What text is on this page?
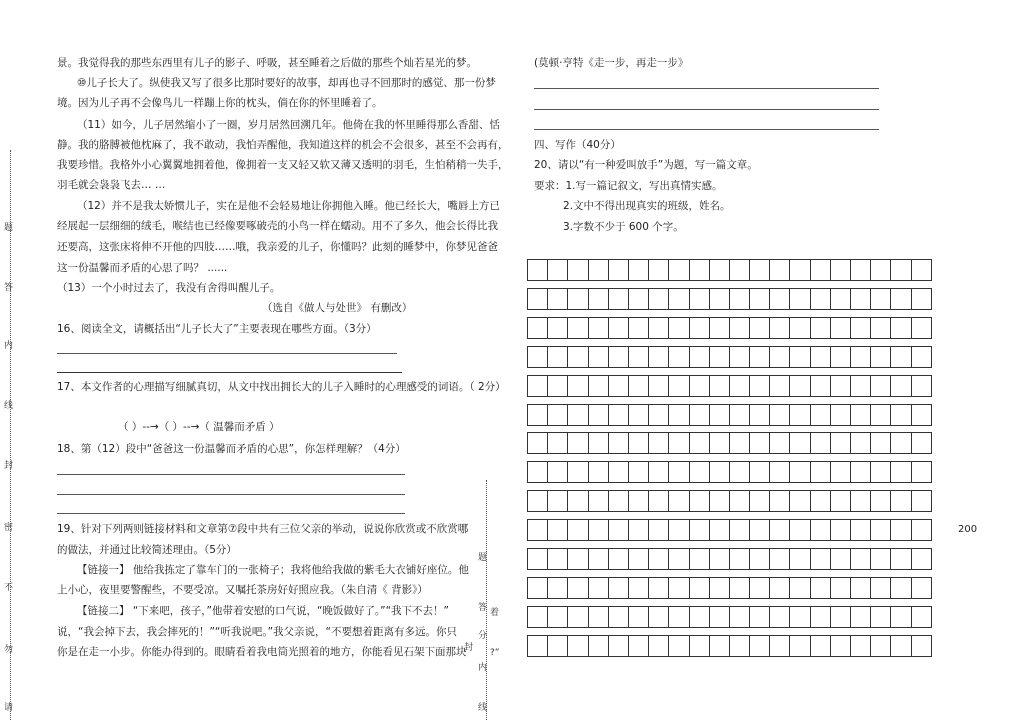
题
答
内
线
封
密
不
勿
请
题
答
内
线
封
分
着
?”
景。我觉得我的那些东西里有儿子的影子、呼吸，甚至睡着之后做的那些个灿若星光的梦。
⑩儿子长大了。纵使我又写了很多比那时要好的故事，却再也寻不回那时的感觉、那一份梦
境。因为儿子再不会像鸟儿一样蹦上你的枕头，倘在你的怀里睡着了。
（11）如今，儿子居然缩小了一圈，岁月居然回溯几年。他倚在我的怀里睡得那么香甜、恬
静。我的胳膊被他枕麻了，我不敢动，我怕弄醒他，我知道这样的机会不会很多，甚至不会再有，
我要珍惜。我格外小心翼翼地拥着他，像拥着一支又轻又软又薄又透明的羽毛，生怕稍稍一失手，
羽毛就会袅袅飞去… …
（12）并不是我太娇惯儿子，实在是他不会轻易地让你拥他入睡。他已经长大，嘴唇上方已
经展起一层细细的绒毛，喉结也已经像要啄破壳的小鸟一样在蠕动。用不了多久，他会长得比我
还要高，这张床将伸不开他的四肢……哦，我亲爱的儿子，你懂吗？此刻的睡梦中，你梦见爸爸
这一份温馨而矛盾的心思了吗？ ......
（13）一个小时过去了，我没有舍得叫醒儿子。
（选自《做人与处世》 有删改）
16、阅读全文，请概括出“儿子长大了”主要表现在哪些方面。（3分）
17、本文作者的心理描写细腻真切，从文中找出拥长大的儿子入睡时的心理感受的词语。（ 2分）
（ ）--→（ ）--→（ 温馨而矛盾 ）
18、第（12）段中“爸爸这一份温馨而矛盾的心思”，你怎样理解？（4分）
19、针对下列两则链接材料和文章第⑦段中共有三位父亲的举动，说说你欣赏或不欣赏哪
的做法，并通过比较简述理由。（5分）
【链接一】 他给我拣定了靠车门的一张椅子；我将他给我做的紫毛大衣铺好座位。他
上小心，夜里要警醒些，不要受凉。又嘱托茶房好好照应我。（朱自清《 背影》）
【链接二】 “下来吧，孩子，”他带着安慰的口气说，“晚饭做好了。”“我下不去！”
说，“我会掉下去，我会摔死的！”“听我说吧。”我父亲说，“不要想着距离有多远。你只
你是在走一小步。你能办得到的。眼睛看着我电筒光照着的地方，你能看见石架下面那块
(莫顿·亨特《走一步，再走一步》
四、写作（40分）
20、请以“有一种爱叫放手”为题，写一篇文章。
要求：1.写一篇记叙文，写出真情实感。
2.文中不得出现真实的班级，姓名。
3.字数不少于 600 个字。
200
